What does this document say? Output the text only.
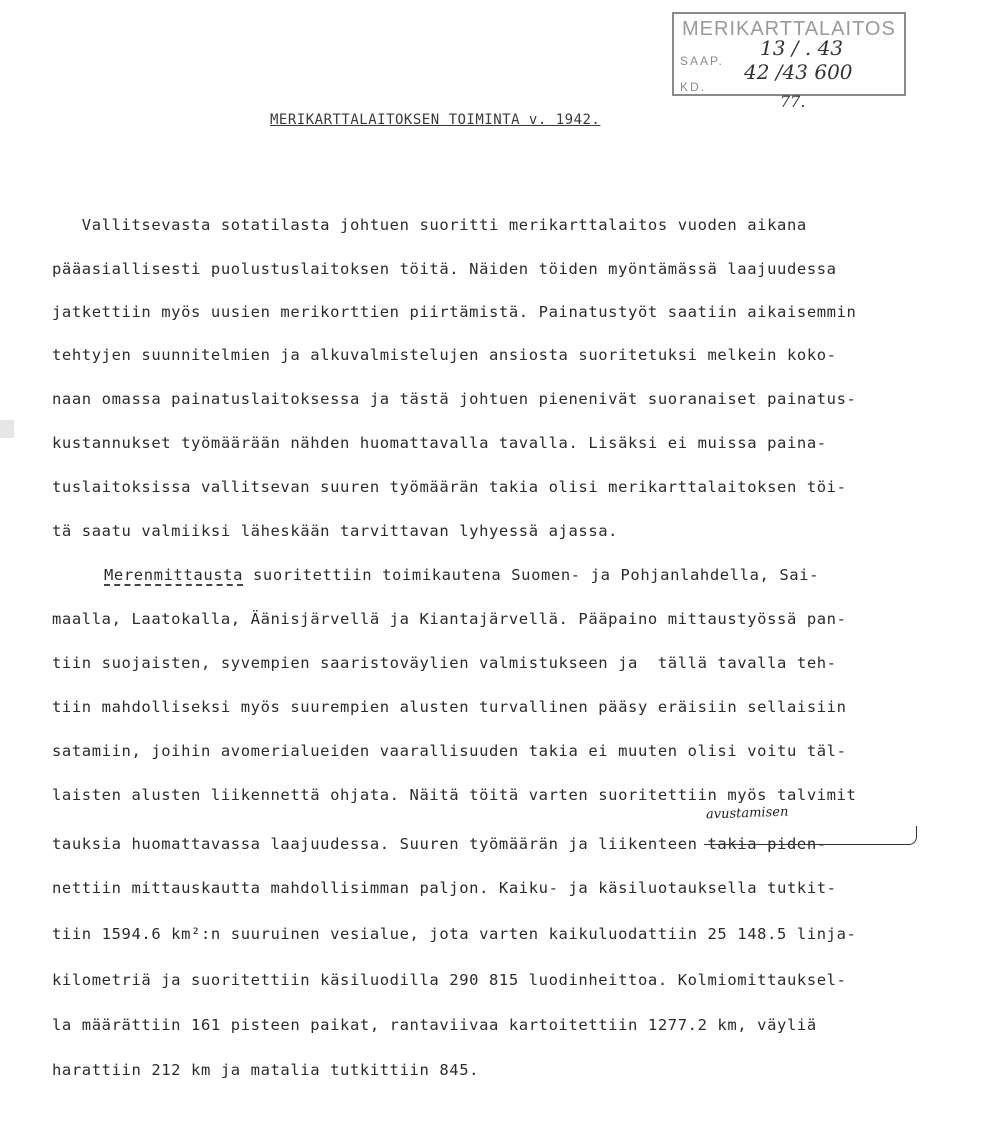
MERIKARTTALAITOS
SAAP.
KD.
13 / . 43
42 /43 600
77.
MERIKARTTALAITOKSEN TOIMINTA v. 1942.
Vallitsevasta sotatilasta johtuen suoritti merikarttalaitos vuoden aikana
pääasiallisesti puolustuslaitoksen töitä. Näiden töiden myöntämässä laajuudessa
jatkettiin myös uusien merikorttien piirtämistä. Painatustyöt saatiin aikaisemmin
tehtyjen suunnitelmien ja alkuvalmistelujen ansiosta suoritetuksi melkein koko-
naan omassa painatuslaitoksessa ja tästä johtuen pienenivät suoranaiset painatus-
kustannukset työmäärään nähden huomattavalla tavalla. Lisäksi ei muissa paina-
tuslaitoksissa vallitsevan suuren työmäärän takia olisi merikarttalaitoksen töi-
tä saatu valmiiksi läheskään tarvittavan lyhyessä ajassa.
Merenmittausta suoritettiin toimikautena Suomen- ja Pohjanlahdella, Sai-
maalla, Laatokalla, Äänisjärvellä ja Kiantajärvellä. Pääpaino mittaustyössä pan-
tiin suojaisten, syvempien saaristoväylien valmistukseen ja  tällä tavalla teh-
tiin mahdolliseksi myös suurempien alusten turvallinen pääsy eräisiin sellaisiin
satamiin, joihin avomerialueiden vaarallisuuden takia ei muuten olisi voitu täl-
laisten alusten liikennettä ohjata. Näitä töitä varten suoritettiin myös talvimit
tauksia huomattavassa laajuudessa. Suuren työmäärän ja liikenteen takia piden-
nettiin mittauskautta mahdollisimman paljon. Kaiku- ja käsiluotauksella tutkit-
tiin 1594.6 km²:n suuruinen vesialue, jota varten kaikuluodattiin 25 148.5 linja-
kilometriä ja suoritettiin käsiluodilla 290 815 luodinheittoa. Kolmiomittauksel-
la määrättiin 161 pisteen paikat, rantaviivaa kartoitettiin 1277.2 km, väyliä
harattiin 212 km ja matalia tutkittiin 845.
avustamisen
